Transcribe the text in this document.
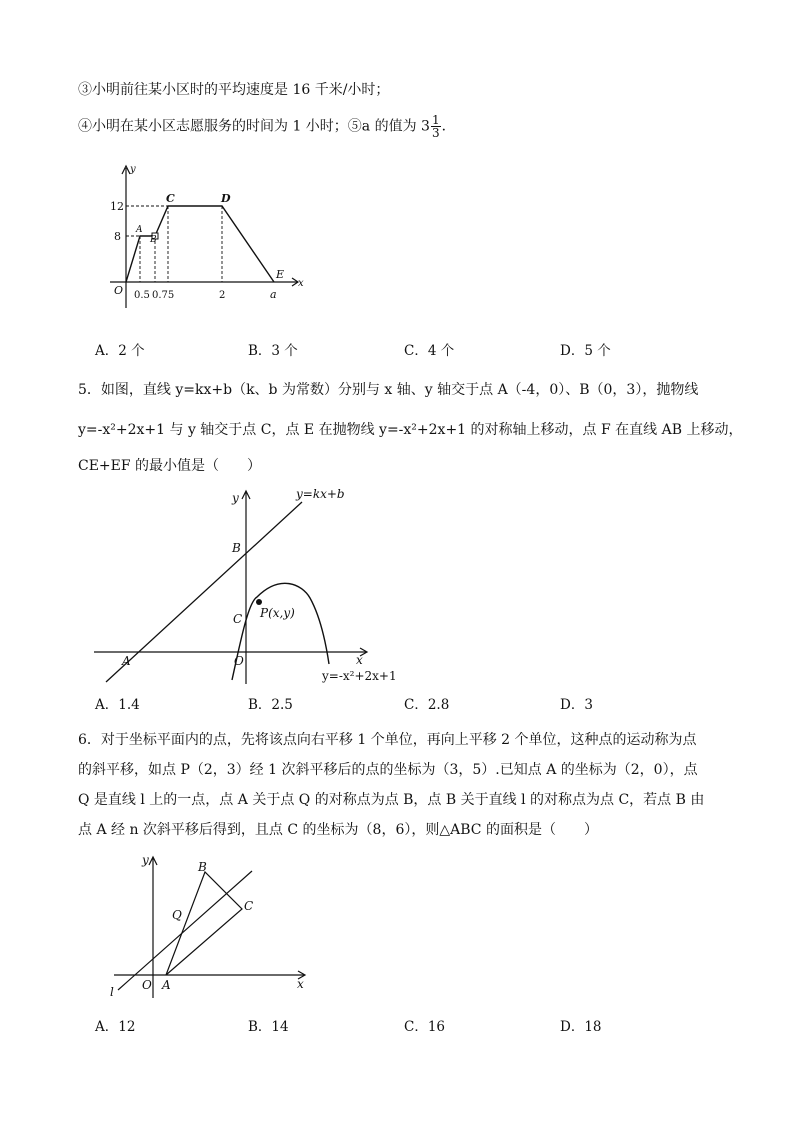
③小明前往某小区时的平均速度是 16 千米/小时；
④小明在某小区志愿服务的时间为 1 小时；⑤a 的值为 $3 \frac{1}{3}$ ．
12
8
0.5 0.75	2	a
O
y
x
A
B
C	D
E
A．2 个	B．3 个	C．4 个	D．5 个
5．如图，直线 y=kx+b（k、b 为常数）分别与 x 轴、y 轴交于点 A（-4，0）、B（0，3），抛物线
y=-x²+2x+1 与 y 轴交于点 C，点 E 在抛物线 y=-x²+2x+1 的对称轴上移动，点 F 在直线 AB 上移动，
CE+EF 的最小值是（　　）
y
x
O
A
B
C P(x,y)
y=kx+b
y=-x²+2x+1
A．1.4	B．2.5	C．2.8	D．3
6．对于坐标平面内的点，先将该点向右平移 1 个单位，再向上平移 2 个单位，这种点的运动称为点
的斜平移，如点 P（2，3）经 1 次斜平移后的点的坐标为（3，5）.已知点 A 的坐标为（2，0），点
Q 是直线 l 上的一点，点 A 关于点 Q 的对称点为点 B，点 B 关于直线 l 的对称点为点 C，若点 B 由
点 A 经 n 次斜平移后得到，且点 C 的坐标为（8，6），则△ABC 的面积是（　　）
y
x
O
l	A
B
C
Q
A．12	B．14	C．16	D．18
